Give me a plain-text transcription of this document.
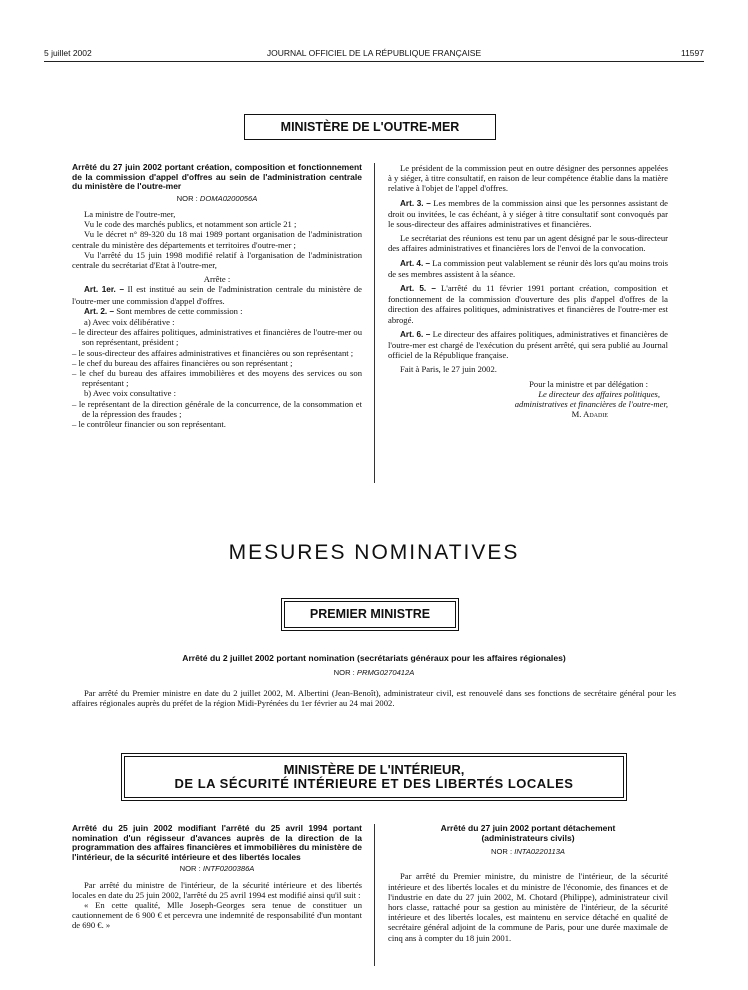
5 juillet 2002	JOURNAL OFFICIEL DE LA RÉPUBLIQUE FRANÇAISE	11597
MINISTÈRE DE L'OUTRE-MER
Arrêté du 27 juin 2002 portant création, composition et fonctionnement de la commission d'appel d'offres au sein de l'administration centrale du ministère de l'outre-mer
NOR : DOMA0200056A

La ministre de l'outre-mer,

Vu le code des marchés publics, et notamment son article 21 ;

Vu le décret n° 89-320 du 18 mai 1989 portant organisation de l'administration centrale du ministère des départements et territoires d'outre-mer ;

Vu l'arrêté du 15 juin 1998 modifié relatif à l'organisation de l'administration centrale du secrétariat d'Etat à l'outre-mer,

Arrête :

Art. 1er. – Il est institué au sein de l'administration centrale du ministère de l'outre-mer une commission d'appel d'offres.

Art. 2. – Sont membres de cette commission :

a) Avec voix délibérative :

– le directeur des affaires politiques, administratives et financières de l'outre-mer ou son représentant, président ;

– le sous-directeur des affaires administratives et financières ou son représentant ;

– le chef du bureau des affaires financières ou son représentant ;

– le chef du bureau des affaires immobilières et des moyens des services ou son représentant ;

b) Avec voix consultative :

– le représentant de la direction générale de la concurrence, de la consommation et de la répression des fraudes ;

– le contrôleur financier ou son représentant.

Le président de la commission peut en outre désigner des personnes appelées à y siéger, à titre consultatif, en raison de leur compétence établie dans la matière relative à l'objet de l'appel d'offres.

Art. 3. – Les membres de la commission ainsi que les personnes assistant de droit ou invitées, le cas échéant, à y siéger à titre consultatif sont convoqués par le sous-directeur des affaires administratives et financières.

Le secrétariat des réunions est tenu par un agent désigné par le sous-directeur des affaires administratives et financières lors de l'envoi de la convocation.

Art. 4. – La commission peut valablement se réunir dès lors qu'au moins trois de ses membres assistent à la séance.

Art. 5. – L'arrêté du 11 février 1991 portant création, composition et fonctionnement de la commission d'ouverture des plis d'appel d'offres de la direction des affaires politiques, administratives et financières de l'outre-mer est abrogé.

Art. 6. – Le directeur des affaires politiques, administratives et financières de l'outre-mer est chargé de l'exécution du présent arrêté, qui sera publié au Journal officiel de la République française.

Fait à Paris, le 27 juin 2002.

Pour la ministre et par délégation :

Le directeur des affaires politiques,

administratives et financières de l'outre-mer,

M. Adadie

MESURES NOMINATIVES
PREMIER MINISTRE
Arrêté du 2 juillet 2002 portant nomination (secrétariats généraux pour les affaires régionales)
NOR : PRMG0270412A

Par arrêté du Premier ministre en date du 2 juillet 2002, M. Albertini (Jean-Benoît), administrateur civil, est renouvelé dans ses fonctions de secrétaire général pour les affaires régionales auprès du préfet de la région Midi-Pyrénées du 1er février au 24 mai 2002.

MINISTÈRE DE L'INTÉRIEUR,
DE LA SÉCURITÉ INTÉRIEURE ET DES LIBERTÉS LOCALES
Arrêté du 25 juin 2002 modifiant l'arrêté du 25 avril 1994 portant nomination d'un régisseur d'avances auprès de la direction de la programmation des affaires financières et immobilières du ministère de l'intérieur, de la sécurité intérieure et des libertés locales
NOR : INTF0200386A

Par arrêté du ministre de l'intérieur, de la sécurité intérieure et des libertés locales en date du 25 juin 2002, l'arrêté du 25 avril 1994 est modifié ainsi qu'il suit :

« En cette qualité, Mlle Joseph-Georges sera tenue de constituer un cautionnement de 6 900 € et percevra une indemnité de responsabilité d'un montant de 690 €. »

Arrêté du 27 juin 2002 portant détachement
(administrateurs civils)
NOR : INTA0220113A

Par arrêté du Premier ministre, du ministre de l'intérieur, de la sécurité intérieure et des libertés locales et du ministre de l'économie, des finances et de l'industrie en date du 27 juin 2002, M. Chotard (Philippe), administrateur civil hors classe, rattaché pour sa gestion au ministère de l'intérieur, de la sécurité intérieure et des libertés locales, est maintenu en service détaché en qualité de secrétaire général adjoint de la commune de Paris, pour une durée maximale de cinq ans à compter du 18 juin 2001.
